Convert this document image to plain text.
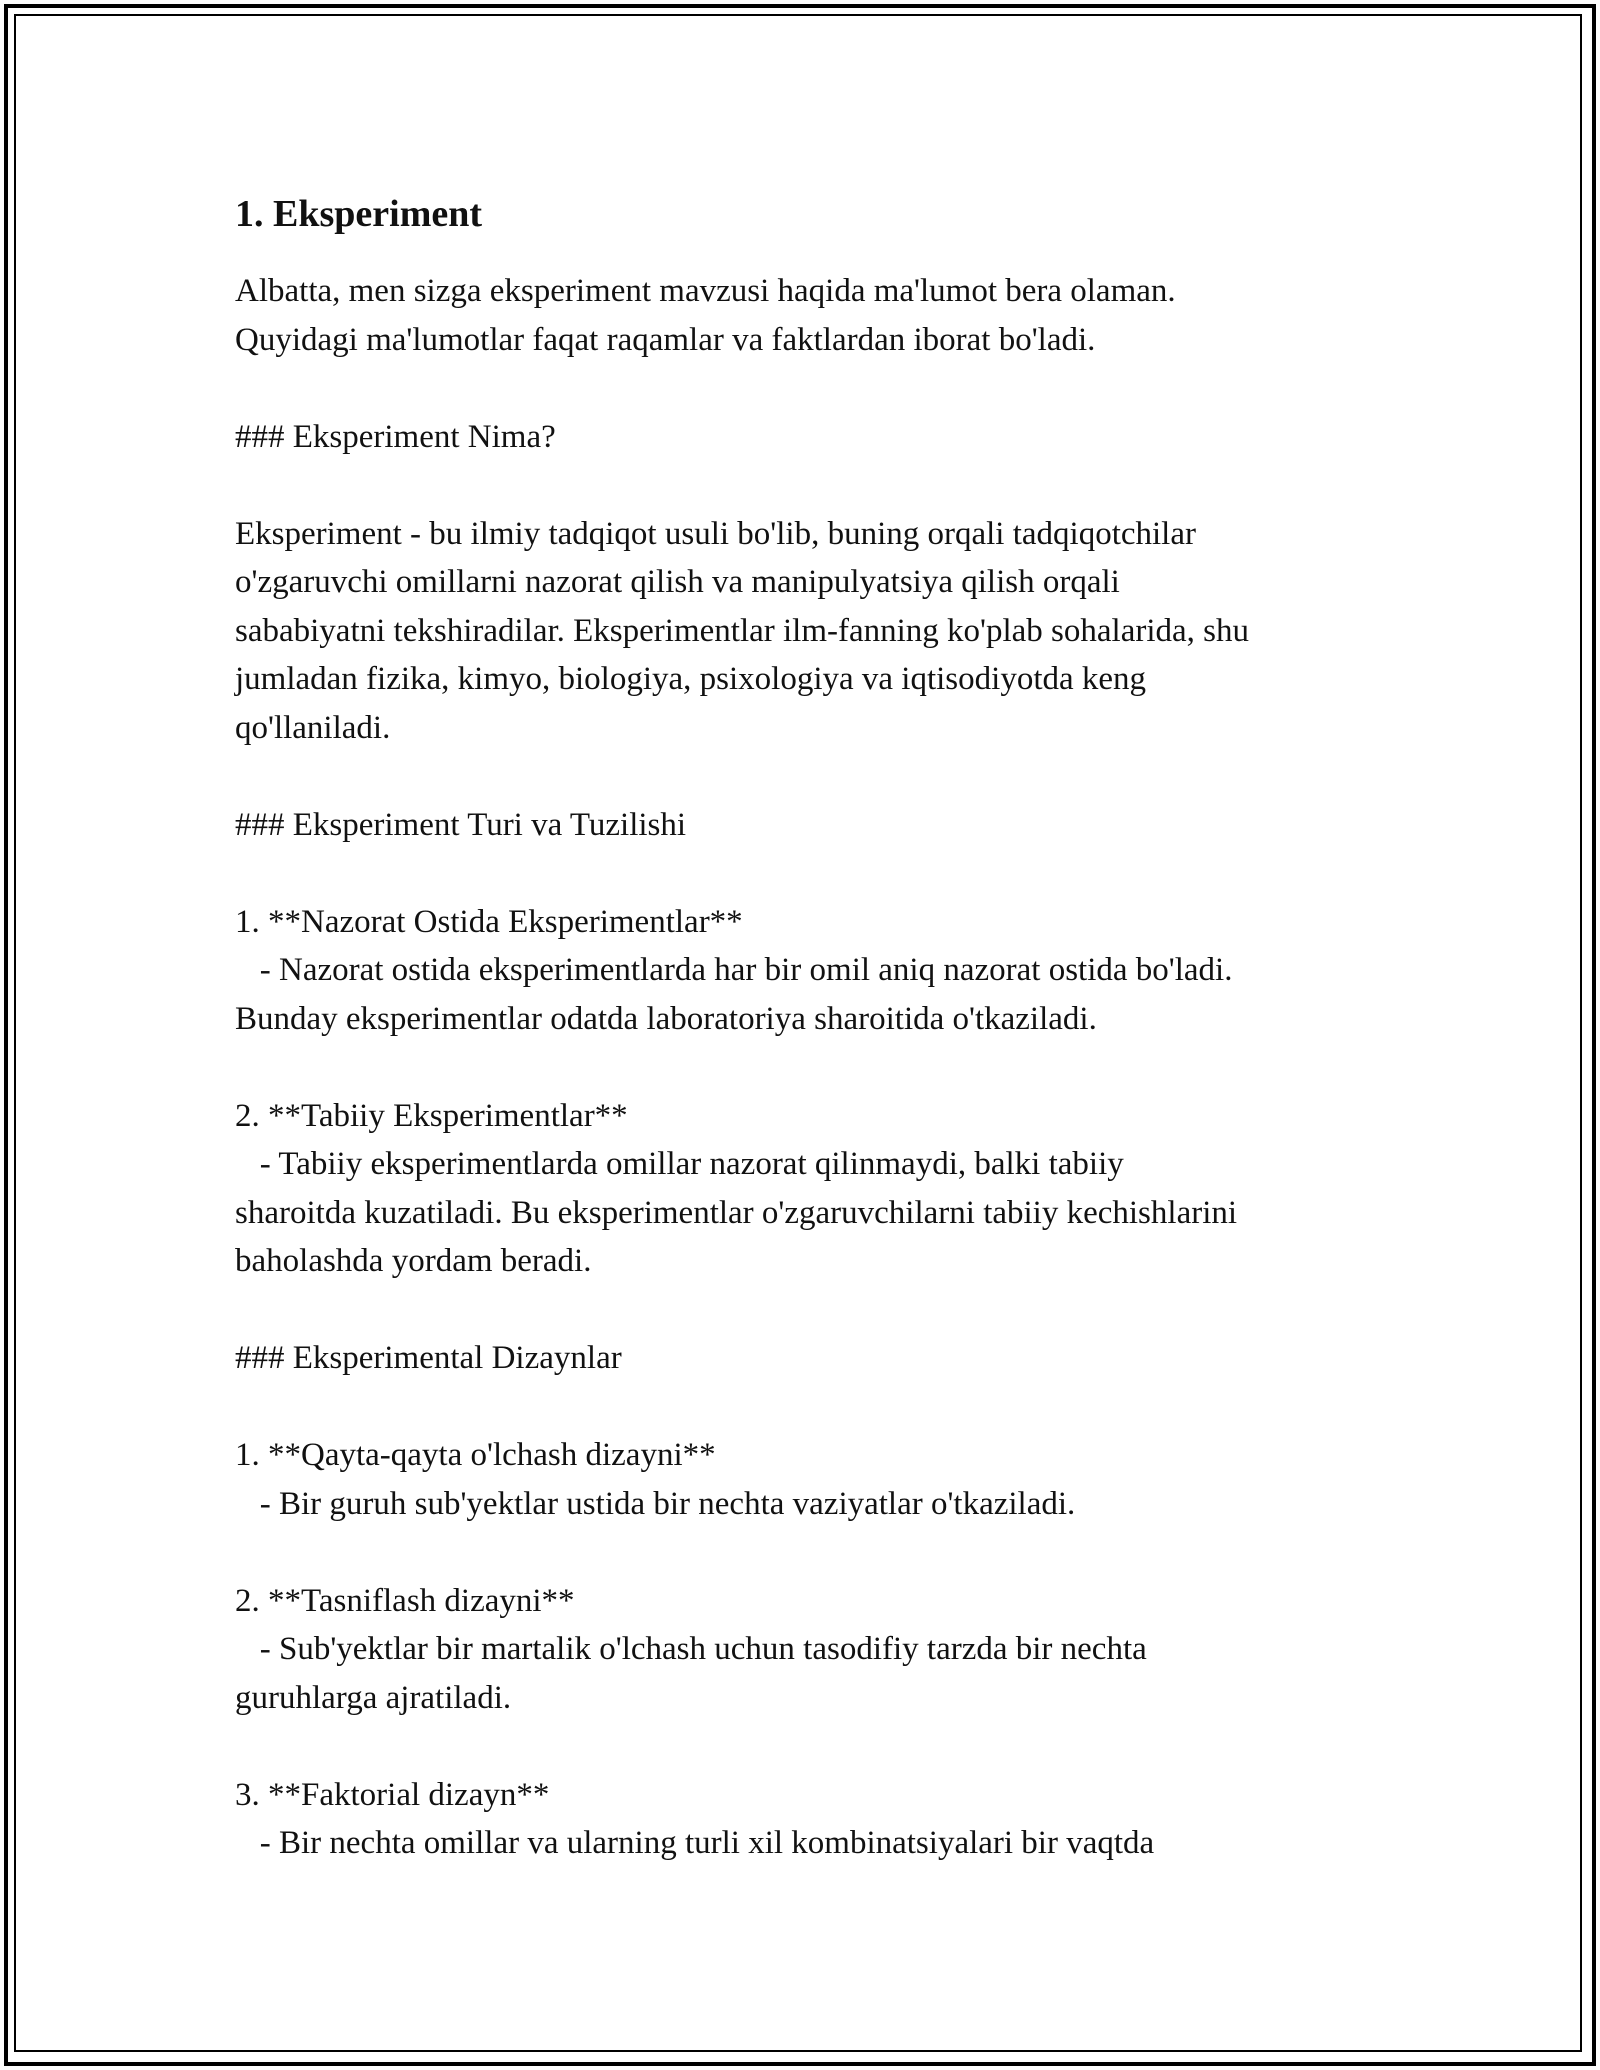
1. Eksperiment
Albatta, men sizga eksperiment mavzusi haqida ma'lumot bera olaman.
Quyidagi ma'lumotlar faqat raqamlar va faktlardan iborat bo'ladi.
### Eksperiment Nima?
Eksperiment - bu ilmiy tadqiqot usuli bo'lib, buning orqali tadqiqotchilar
o'zgaruvchi omillarni nazorat qilish va manipulyatsiya qilish orqali
sababiyatni tekshiradilar. Eksperimentlar ilm-fanning ko'plab sohalarida, shu
jumladan fizika, kimyo, biologiya, psixologiya va iqtisodiyotda keng
qo'llaniladi.
### Eksperiment Turi va Tuzilishi
1. **Nazorat Ostida Eksperimentlar**
- Nazorat ostida eksperimentlarda har bir omil aniq nazorat ostida bo'ladi.
Bunday eksperimentlar odatda laboratoriya sharoitida o'tkaziladi.
2. **Tabiiy Eksperimentlar**
- Tabiiy eksperimentlarda omillar nazorat qilinmaydi, balki tabiiy
sharoitda kuzatiladi. Bu eksperimentlar o'zgaruvchilarni tabiiy kechishlarini
baholashda yordam beradi.
### Eksperimental Dizaynlar
1. **Qayta-qayta o'lchash dizayni**
- Bir guruh sub'yektlar ustida bir nechta vaziyatlar o'tkaziladi.
2. **Tasniflash dizayni**
- Sub'yektlar bir martalik o'lchash uchun tasodifiy tarzda bir nechta
guruhlarga ajratiladi.
3. **Faktorial dizayn**
- Bir nechta omillar va ularning turli xil kombinatsiyalari bir vaqtda
